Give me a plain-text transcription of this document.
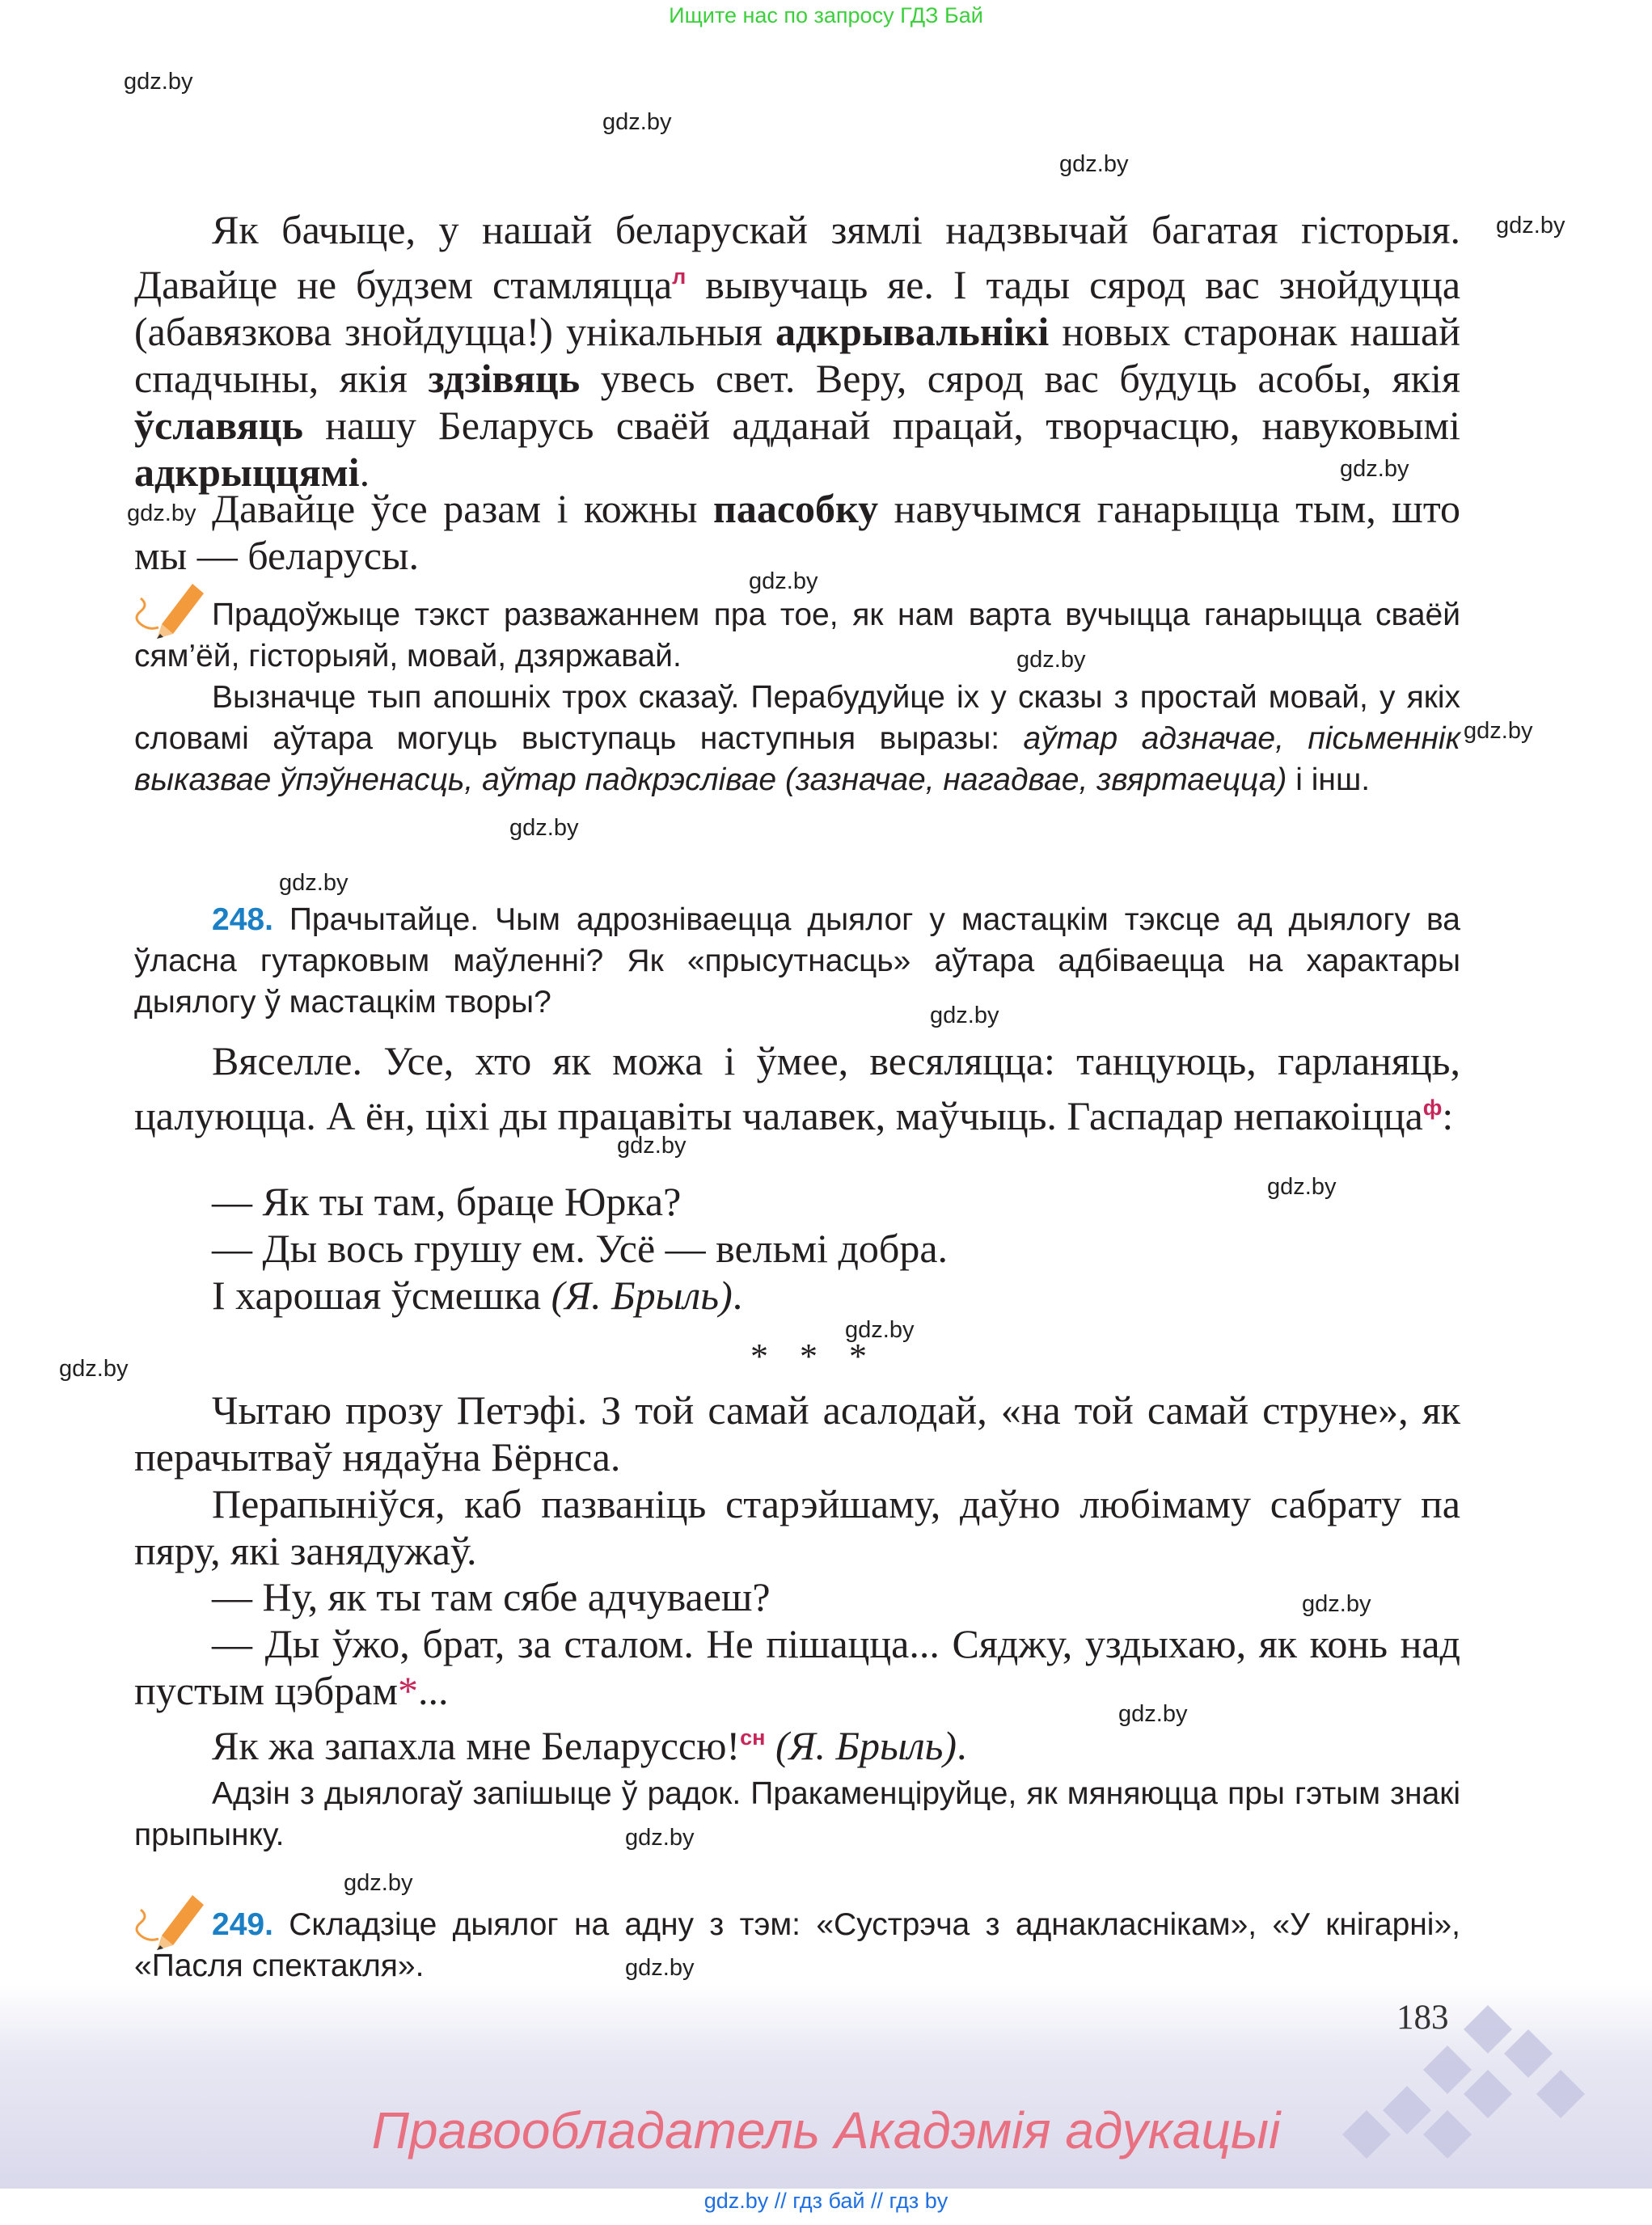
Ищите нас по запросу ГДЗ Бай
gdz.by
gdz.by
gdz.by
gdz.by
gdz.by
gdz.by
gdz.by
gdz.by
gdz.by
gdz.by
gdz.by
gdz.by
gdz.by
gdz.by
gdz.by
gdz.by
gdz.by
gdz.by
gdz.by
gdz.by
gdz.by
Як бачыце, у нашай беларускай зямлі надзвычай багатая гісторыя. Давайце не будзем стамляцца$^л$ вывучаць яе. І тады сярод вас знойдуцца (абавязкова знойдуцца!) унікальныя адкрывальнікі новых старонак нашай спадчыны, якія здзівяць увесь свет. Веру, сярод вас будуць асобы, якія ўславяць нашу Беларусь сваёй адданай працай, творчасцю, навуковымі адкрыццямі.
Давайце ўсе разам і кожны паасобку навучымся ганарыцца тым, што мы — беларусы.
Прадоўжыце тэкст разважаннем пра тое, як нам варта вучыцца ганарыцца сваёй сям’ёй, гісторыяй, мовай, дзяржавай.
Вызначце тып апошніх трох сказаў. Перабудуйце іх у сказы з простай мовай, у якіх словамі аўтара могуць выступаць наступныя выразы: аўтар адзначае, пісьменнік выказвае ўпэўненасць, аўтар падкрэслівае (зазначае, нагадвае, звяртаецца) і інш.
248. Прачытайце. Чым адрозніваецца дыялог у мастацкім тэксце ад дыялогу ва ўласна гутарковым маўленні? Як «прысутнасць» аўтара адбіваецца на характары дыялогу ў мастацкім творы?
Вяселле. Усе, хто як можа і ўмее, весяляцца: танцуюць, гарланяць, цалуюцца. А ён, ціхі ды працавіты чалавек, маўчыць. Гаспадар непакоіцца$^ф$:
— Як ты там, браце Юрка?
— Ды вось грушу ем. Усё — вельмі добра.
І харошая ўсмешка (Я. Брыль).
* * *
Чытаю прозу Петэфі. З той самай асалодай, «на той самай струне», як перачытваў нядаўна Бёрнса.
Перапыніўся, каб пазваніць старэйшаму, даўно любімаму сабрату па пяру, які занядужаў.
— Ну, як ты там сябе адчуваеш?
— Ды ўжо, брат, за сталом. Не пішацца... Сяджу, уздыхаю, як конь над пустым цэбрам*...
Як жа запахла мне Беларуссю!$^{сн}$ (Я. Брыль).
Адзін з дыялогаў запішыце ў радок. Пракаменціруйце, як мяняюцца пры гэтым знакі прыпынку.
249. Складзіце дыялог на адну з тэм: «Сустрэча з аднакласнікам», «У кнігарні», «Пасля спектакля».
183
Правообладатель Акадэмія адукацыі
gdz.by // гдз бай // гдз by
